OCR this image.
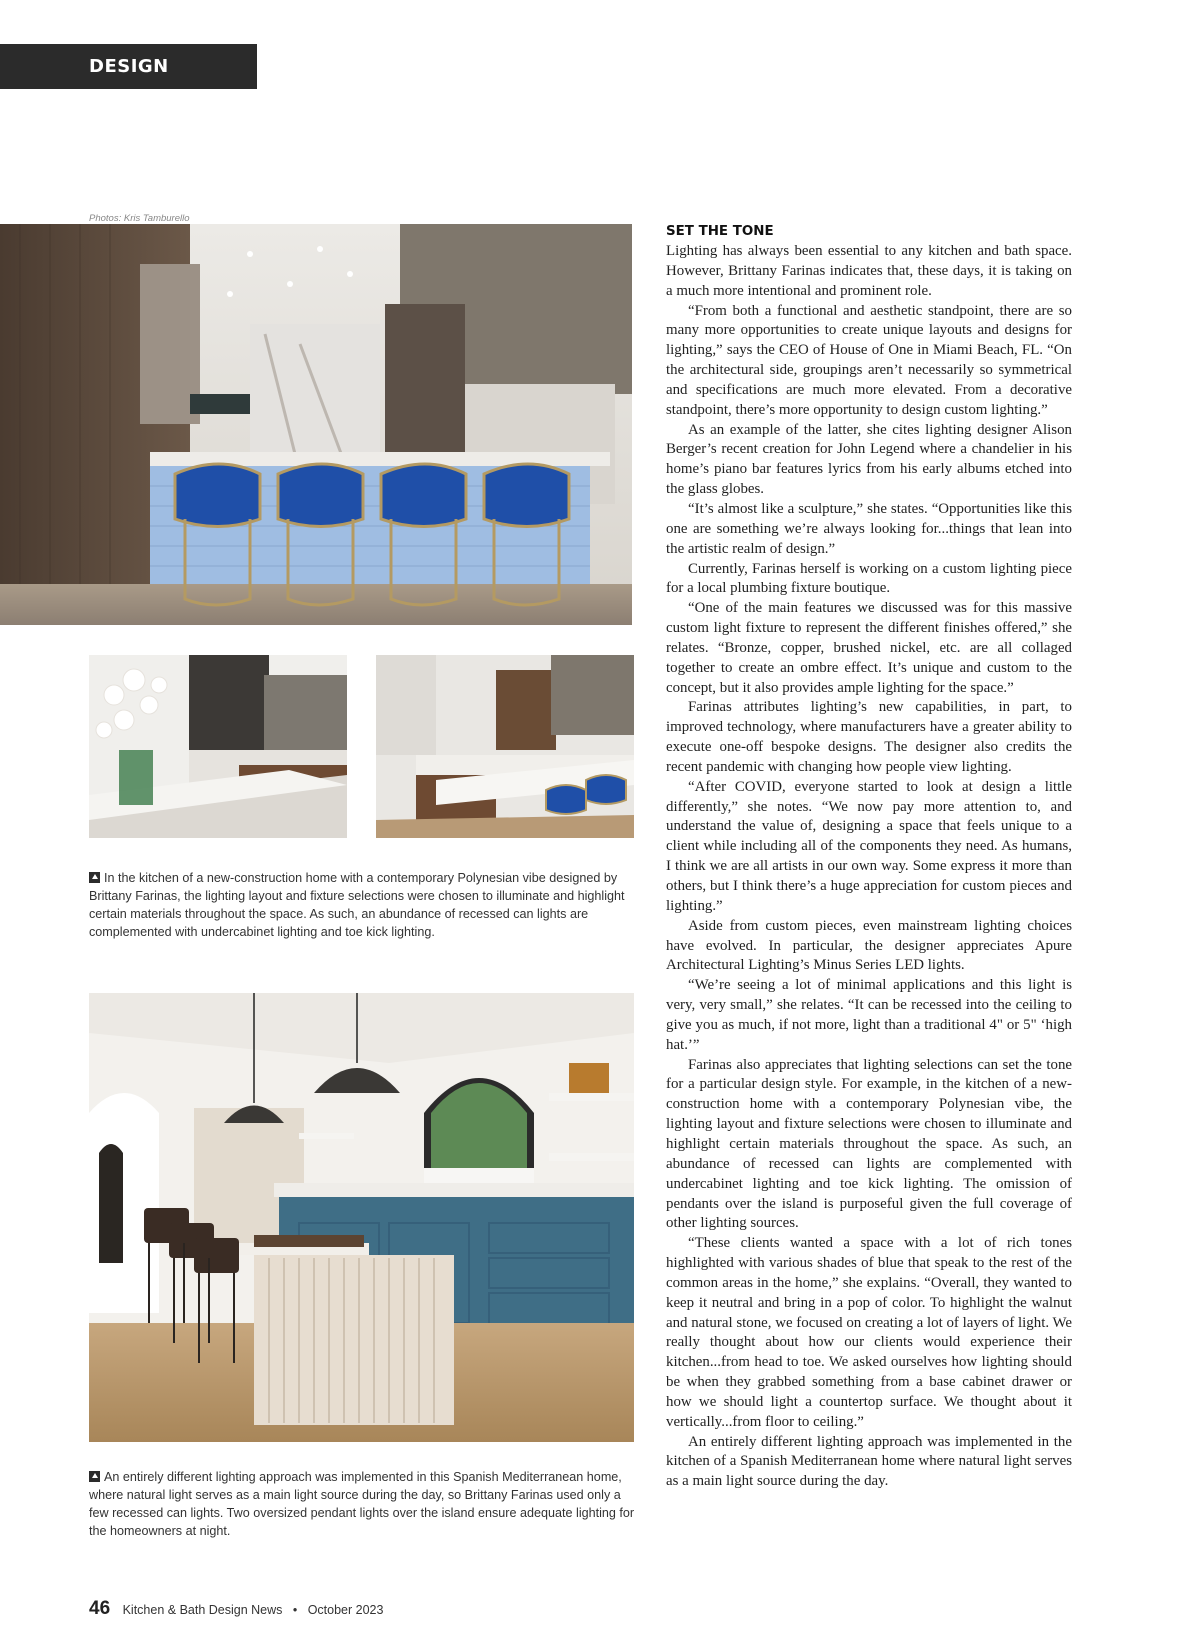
DESIGN TRENDS
Photos: Kris Tamburello
In the kitchen of a new-construction home with a contemporary Polynesian vibe designed by Brittany Farinas, the lighting layout and fixture selections were chosen to illuminate and highlight certain materials throughout the space. As such, an abundance of recessed can lights are complemented with undercabinet lighting and toe kick lighting.
An entirely different lighting approach was implemented in this Spanish Mediterranean home, where natural light serves as a main light source during the day, so Brittany Farinas used only a few recessed can lights. Two oversized pendant lights over the island ensure adequate lighting for the homeowners at night.
SET THE TONE

Lighting has always been essential to any kitchen and bath space. However, Brittany Farinas indicates that, these days, it is taking on a much more intentional and prominent role.

“From both a functional and aesthetic standpoint, there are so many more opportunities to create unique layouts and designs for lighting,” says the CEO of House of One in Miami Beach, FL. “On the architectural side, groupings aren’t necessarily so symmetrical and specifications are much more elevated. From a decorative standpoint, there’s more opportunity to design custom lighting.”

As an example of the latter, she cites lighting designer Alison Berger’s recent creation for John Legend where a chandelier in his home’s piano bar features lyrics from his early albums etched into the glass globes.

“It’s almost like a sculpture,” she states. “Opportunities like this one are something we’re always looking for...things that lean into the artistic realm of design.”

Currently, Farinas herself is working on a custom lighting piece for a local plumbing fixture boutique.

“One of the main features we discussed was for this massive custom light fixture to represent the different finishes offered,” she relates. “Bronze, copper, brushed nickel, etc. are all collaged together to create an ombre effect. It’s unique and custom to the concept, but it also provides ample lighting for the space.”

Farinas attributes lighting’s new capabilities, in part, to improved technology, where manufacturers have a greater ability to execute one-off bespoke designs. The designer also credits the recent pandemic with changing how people view lighting.

“After COVID, everyone started to look at design a little differently,” she notes. “We now pay more attention to, and understand the value of, designing a space that feels unique to a client while including all of the components they need. As humans, I think we are all artists in our own way. Some express it more than others, but I think there’s a huge appreciation for custom pieces and lighting.”

Aside from custom pieces, even mainstream lighting choices have evolved. In particular, the designer appreciates Apure Architectural Lighting’s Minus Series LED lights.

“We’re seeing a lot of minimal applications and this light is very, very small,” she relates. “It can be recessed into the ceiling to give you as much, if not more, light than a traditional 4" or 5" ‘high hat.’”

Farinas also appreciates that lighting selections can set the tone for a particular design style. For example, in the kitchen of a new-construction home with a contemporary Polynesian vibe, the lighting layout and fixture selections were chosen to illuminate and highlight certain materials throughout the space. As such, an abundance of recessed can lights are complemented with undercabinet lighting and toe kick lighting. The omission of pendants over the island is purposeful given the full coverage of other lighting sources.

“These clients wanted a space with a lot of rich tones highlighted with various shades of blue that speak to the rest of the common areas in the home,” she explains. “Overall, they wanted to keep it neutral and bring in a pop of color. To highlight the walnut and natural stone, we focused on creating a lot of layers of light. We really thought about how our clients would experience their kitchen...from head to toe. We asked ourselves how lighting should be when they grabbed something from a base cabinet drawer or how we should light a countertop surface. We thought about it vertically...from floor to ceiling.”

An entirely different lighting approach was implemented in the kitchen of a Spanish Mediterranean home where natural light serves as a main light source during the day.

46 Kitchen & Bath Design News • October 2023
